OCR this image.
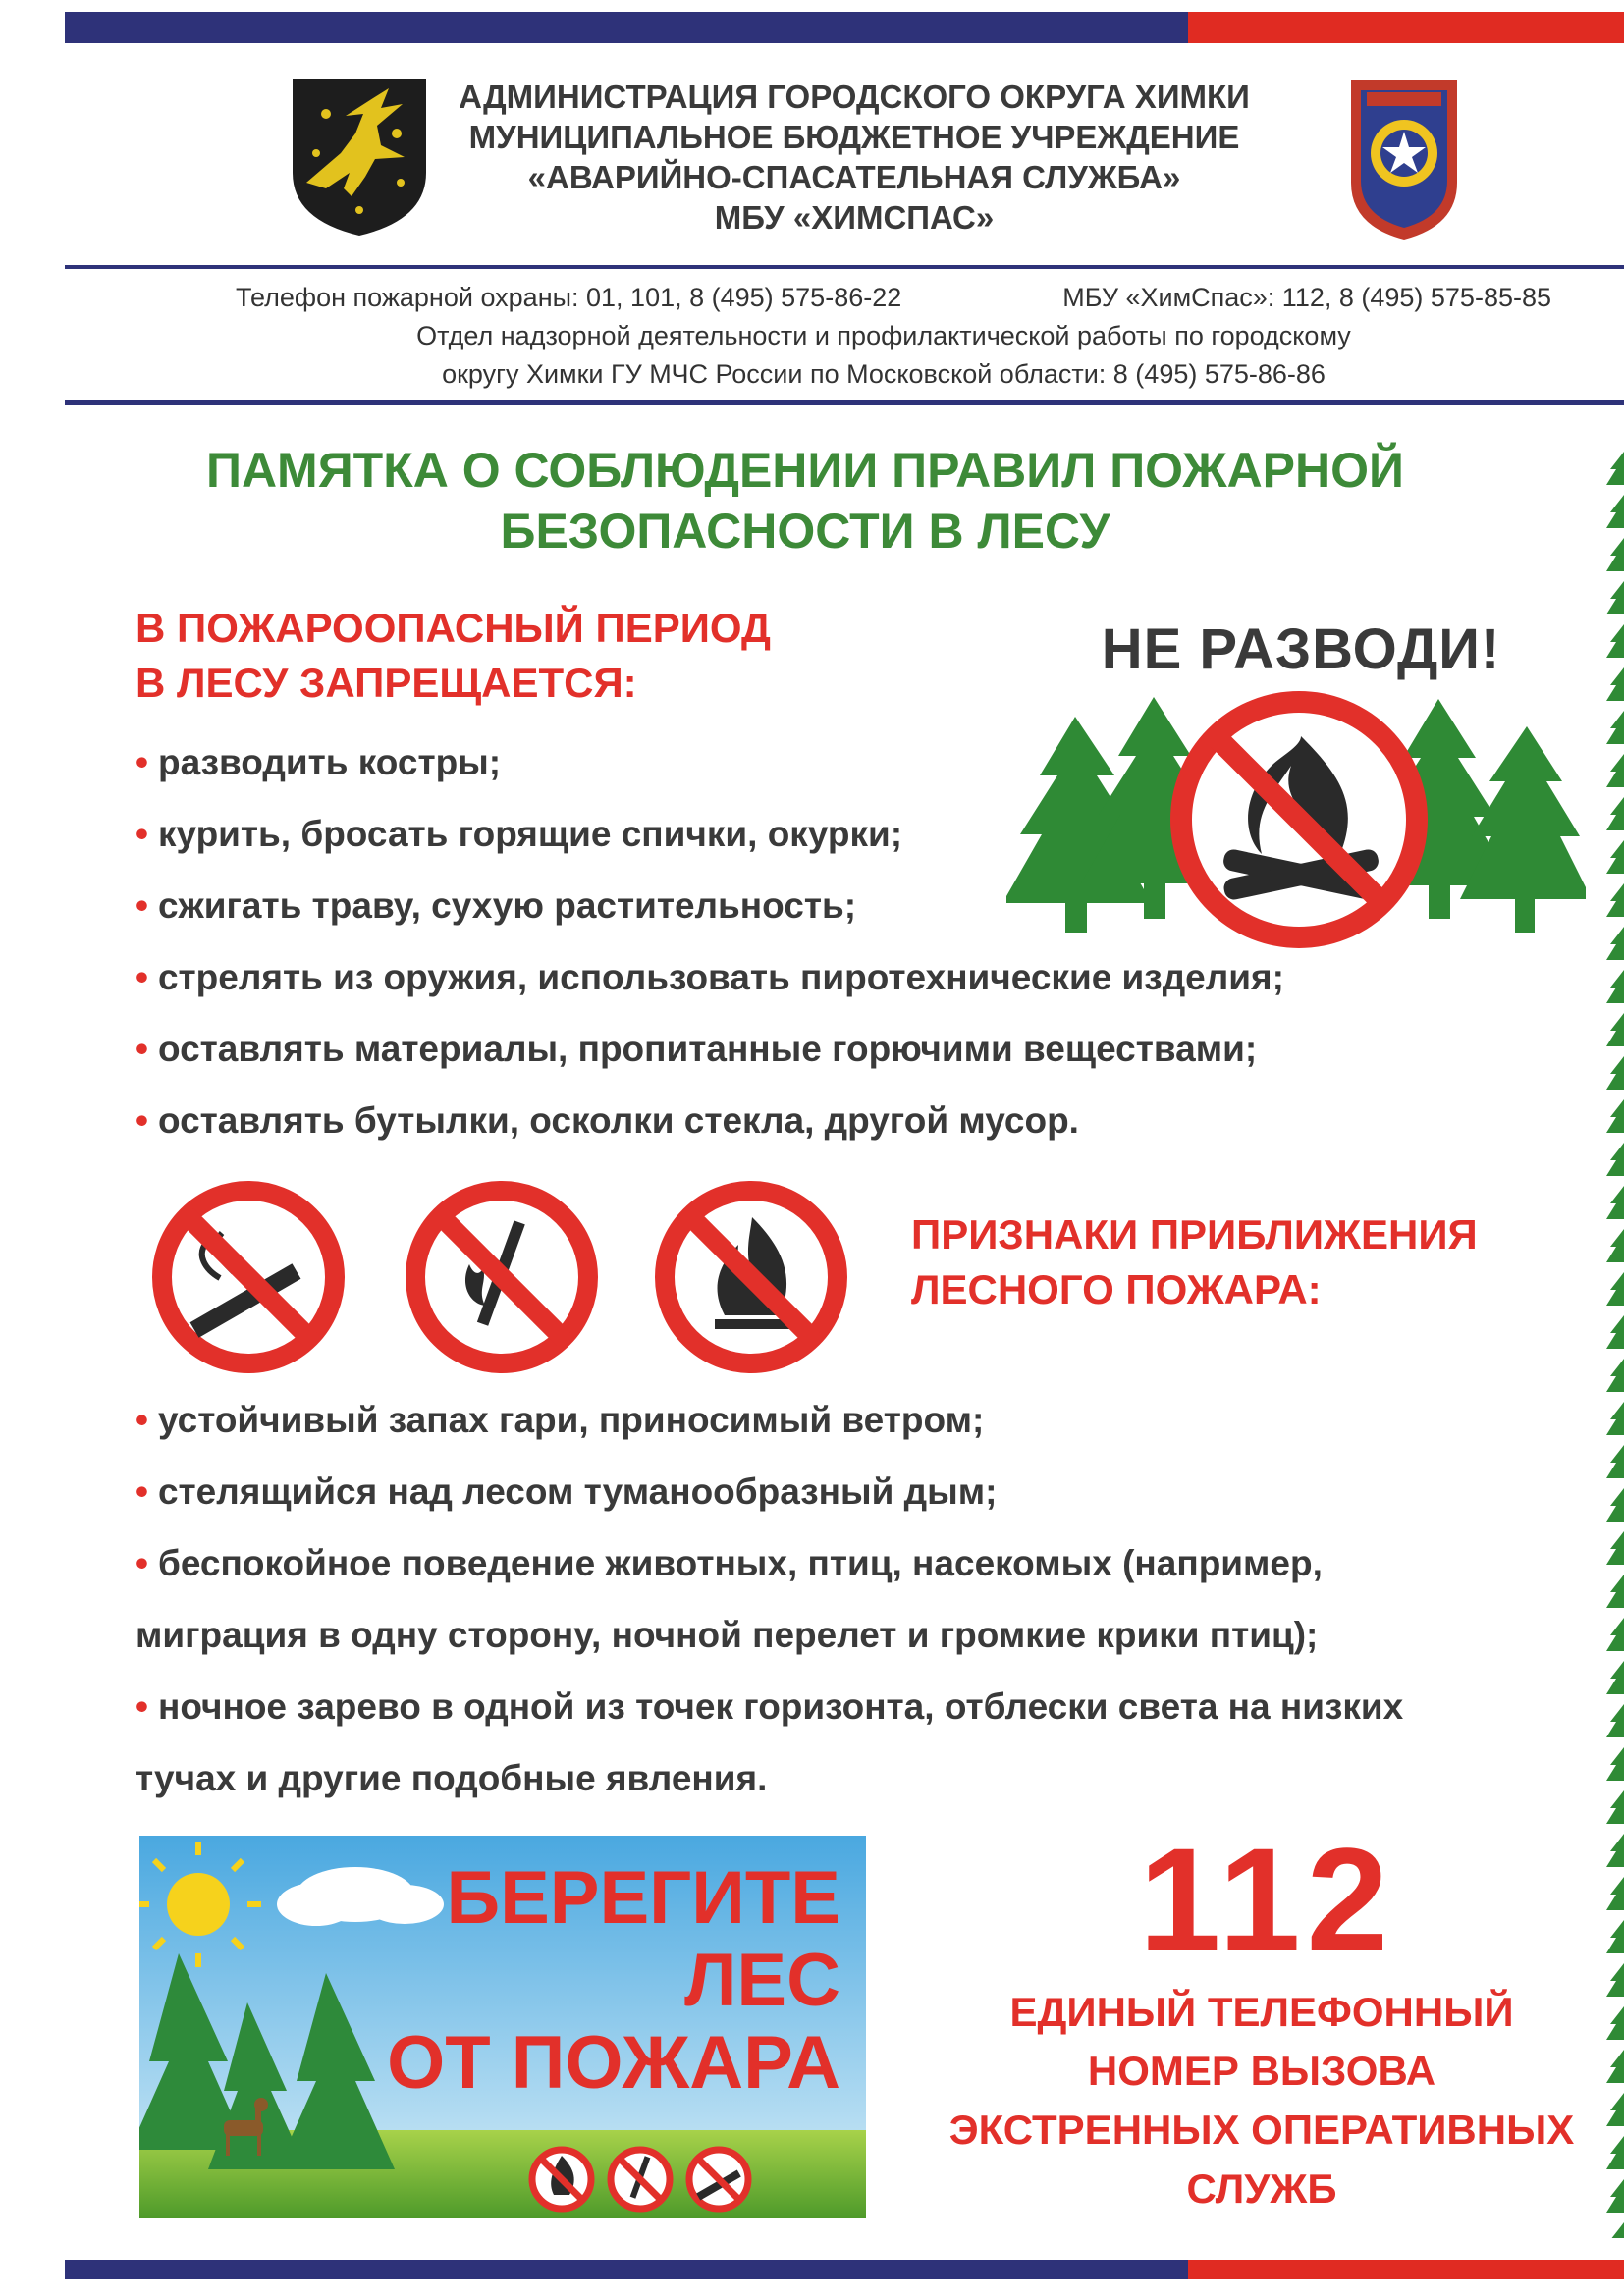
АДМИНИСТРАЦИЯ ГОРОДСКОГО ОКРУГА ХИМКИ
МУНИЦИПАЛЬНОЕ БЮДЖЕТНОЕ УЧРЕЖДЕНИЕ
«АВАРИЙНО-СПАСАТЕЛЬНАЯ СЛУЖБА»
МБУ «ХИМСПАС»
Телефон пожарной охраны: 01, 101, 8 (495) 575-86-22	МБУ «ХимСпас»: 112, 8 (495) 575-85-85
Отдел надзорной деятельности и профилактической работы по городскому
округу Химки ГУ МЧС России по Московской области: 8 (495) 575-86-86
ПАМЯТКА О СОБЛЮДЕНИИ ПРАВИЛ ПОЖАРНОЙ
БЕЗОПАСНОСТИ В ЛЕСУ
В ПОЖАРООПАСНЫЙ ПЕРИОД
В ЛЕСУ ЗАПРЕЩАЕТСЯ:
НЕ РАЗВОДИ!
• разводить костры;
• курить, бросать горящие спички, окурки;
• сжигать траву, сухую растительность;
• стрелять из оружия, использовать пиротехнические изделия;
• оставлять материалы, пропитанные горючими веществами;
• оставлять бутылки, осколки стекла, другой мусор.
ПРИЗНАКИ ПРИБЛИЖЕНИЯ
ЛЕСНОГО ПОЖАРА:
• устойчивый запах гари, приносимый ветром;
• стелящийся над лесом туманообразный дым;
• беспокойное поведение животных, птиц, насекомых (например,
миграция в одну сторону, ночной перелет и громкие крики птиц);
• ночное зарево в одной из точек горизонта, отблески света на низких
тучах и другие подобные явления.
БЕРЕГИТЕ
ЛЕС
ОТ ПОЖАРА
112
ЕДИНЫЙ ТЕЛЕФОННЫЙ
НОМЕР ВЫЗОВА
ЭКСТРЕННЫХ ОПЕРАТИВНЫХ
СЛУЖБ
